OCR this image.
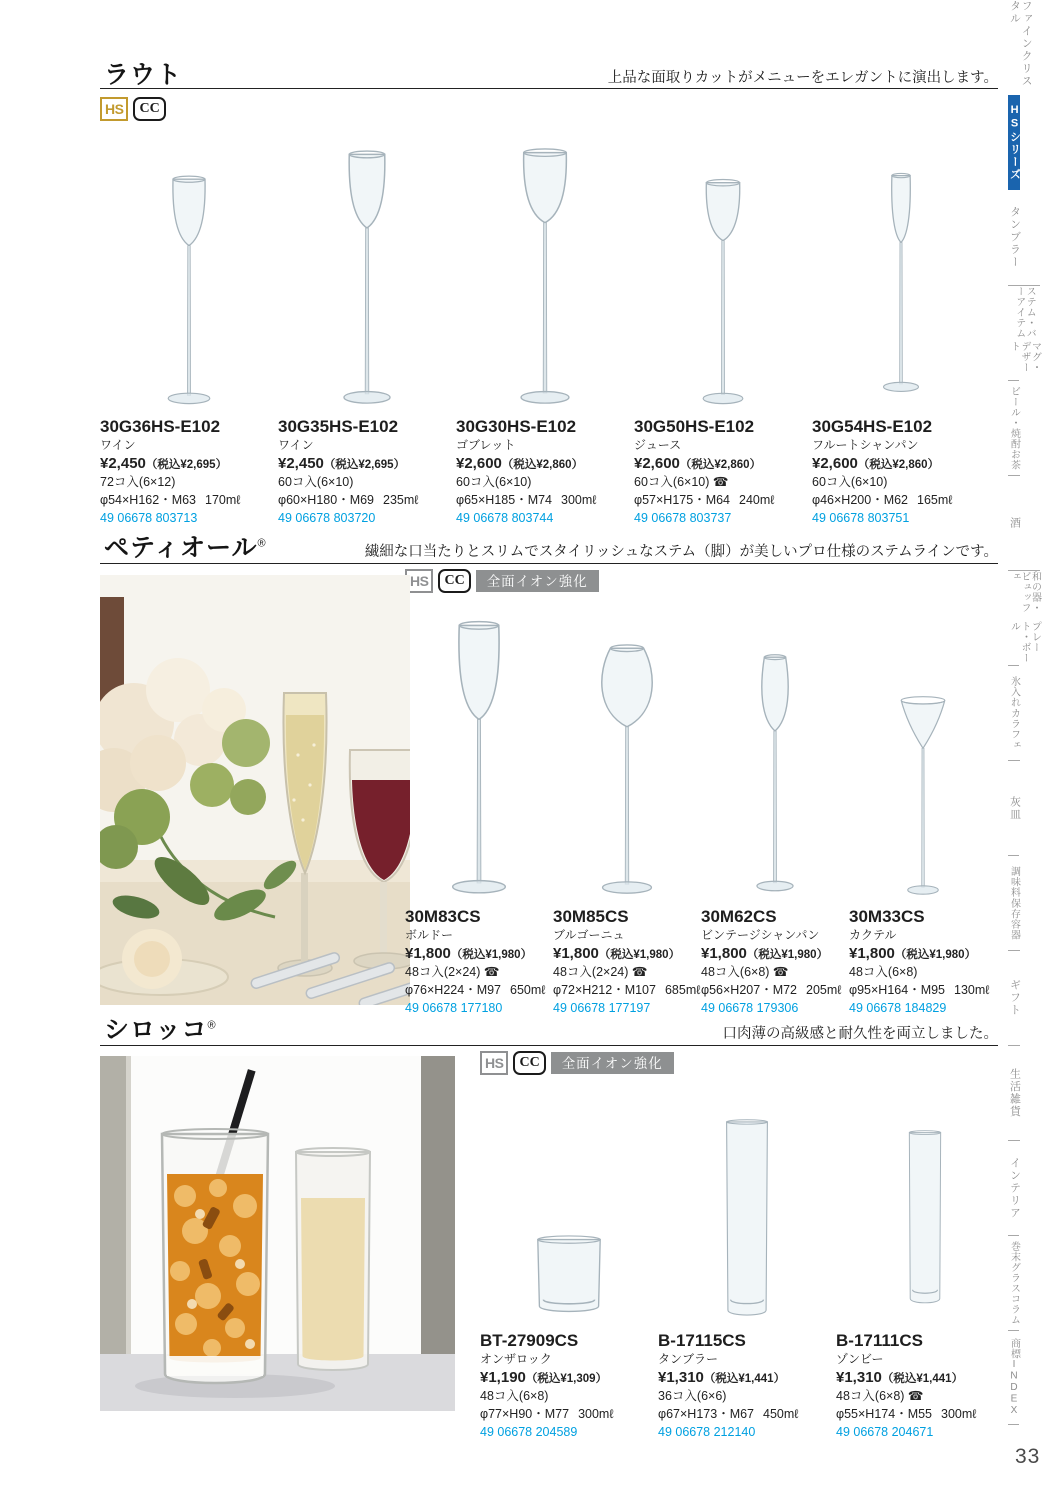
ラウト	上品な面取りカットがメニューをエレガントに演出します。
HS	CC
30G36HS-E102
ワイン
¥2,450（税込¥2,695）
72コ入(6×12)
φ54×H162・M63 170mℓ
49 06678 803713
30G35HS-E102
ワイン
¥2,450（税込¥2,695）
60コ入(6×10)
φ60×H180・M69 235mℓ
49 06678 803720
30G30HS-E102
ゴブレット
¥2,600（税込¥2,860）
60コ入(6×10)
φ65×H185・M74 300mℓ
49 06678 803744
30G50HS-E102
ジュース
¥2,600（税込¥2,860）
60コ入(6×10) ☎
φ57×H175・M64 240mℓ
49 06678 803737
30G54HS-E102
フルートシャンパン
¥2,600（税込¥2,860）
60コ入(6×10)
φ46×H200・M62 165mℓ
49 06678 803751
ペティオール®
繊細な口当たりとスリムでスタイリッシュなステム（脚）が美しいプロ仕様のステムラインです。
HS	CC	全面イオン強化
30M83CS
ボルドー
¥1,800（税込¥1,980）
48コ入(2×24) ☎
φ76×H224・M97 650mℓ
49 06678 177180
30M85CS
ブルゴーニュ
¥1,800（税込¥1,980）
48コ入(2×24) ☎
φ72×H212・M107 685mℓ
49 06678 177197
30M62CS
ビンテージシャンパン
¥1,800（税込¥1,980）
48コ入(6×8) ☎
φ56×H207・M72 205mℓ
49 06678 179306
30M33CS
カクテル
¥1,800（税込¥1,980）
48コ入(6×8)
φ95×H164・M95 130mℓ
49 06678 184829
シロッコ®
口肉薄の高級感と耐久性を両立しました。
HS	CC	全面イオン強化
BT-27909CS
オンザロック
¥1,190（税込¥1,309）
48コ入(6×8)
φ77×H90・M77 300mℓ
49 06678 204589
B-17115CS
タンブラー
¥1,310（税込¥1,441）
36コ入(6×6)
φ67×H173・M67 450mℓ
49 06678 212140
B-17111CS
ゾンビー
¥1,310（税込¥1,441）
48コ入(6×8) ☎
φ55×H174・M55 300mℓ
49 06678 204671
ファインクリスタル
HSシリーズ
タンブラー
ステム・バーアイテム
マグ・デザート
ビール・焼酎
お茶
酒
和の器・ビュッフェ
プレート・ボール
氷入れ
カラフェ
灰皿
調味料
保存容器
ギフト
生活雑貨
インテリア
巻末
グラスコラム
商標
INDEX
33
